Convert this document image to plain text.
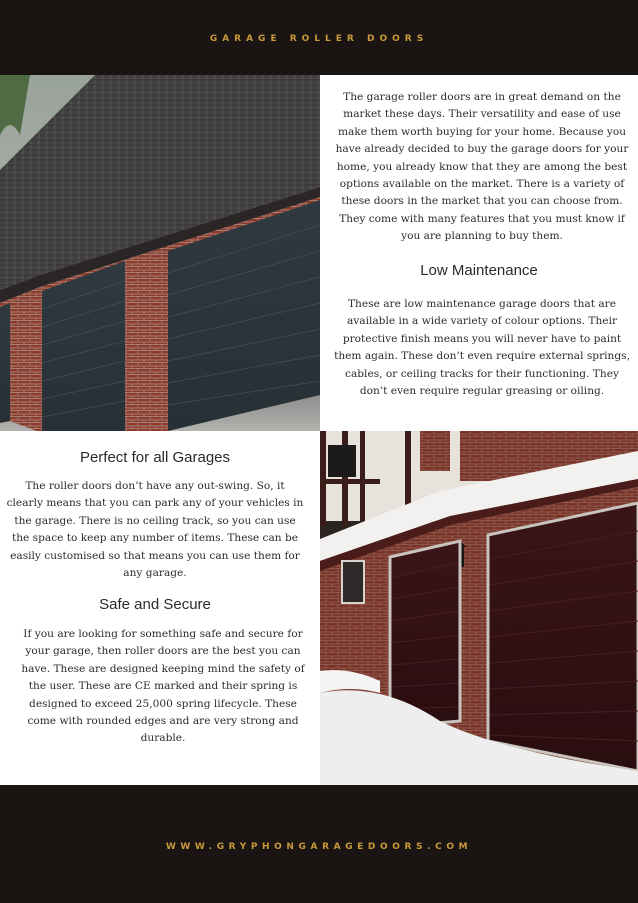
GARAGE ROLLER DOORS
The garage roller doors are in great demand on the market these days. Their versatility and ease of use make them worth buying for your home. Because you have already decided to buy the garage doors for your home, you already know that they are among the best options available on the market. There is a variety of these doors in the market that you can choose from. They come with many features that you must know if you are planning to buy them.
Low Maintenance
These are low maintenance garage doors that are available in a wide variety of colour options. Their protective finish means you will never have to paint them again. These don’t even require external springs, cables, or ceiling tracks for their functioning. They don’t even require regular greasing or oiling.
Perfect for all Garages
The roller doors don’t have any out-swing. So, it clearly means that you can park any of your vehicles in the garage. There is no ceiling track, so you can use the space to keep any number of items. These can be easily customised so that means you can use them for any garage.
Safe and Secure
If you are looking for something safe and secure for your garage, then roller doors are the best you can have. These are designed keeping mind the safety of the user. These are CE marked and their spring is designed to exceed 25,000 spring lifecycle. These come with rounded edges and are very strong and durable.
WWW.GRYPHONGARAGEDOORS.COM
